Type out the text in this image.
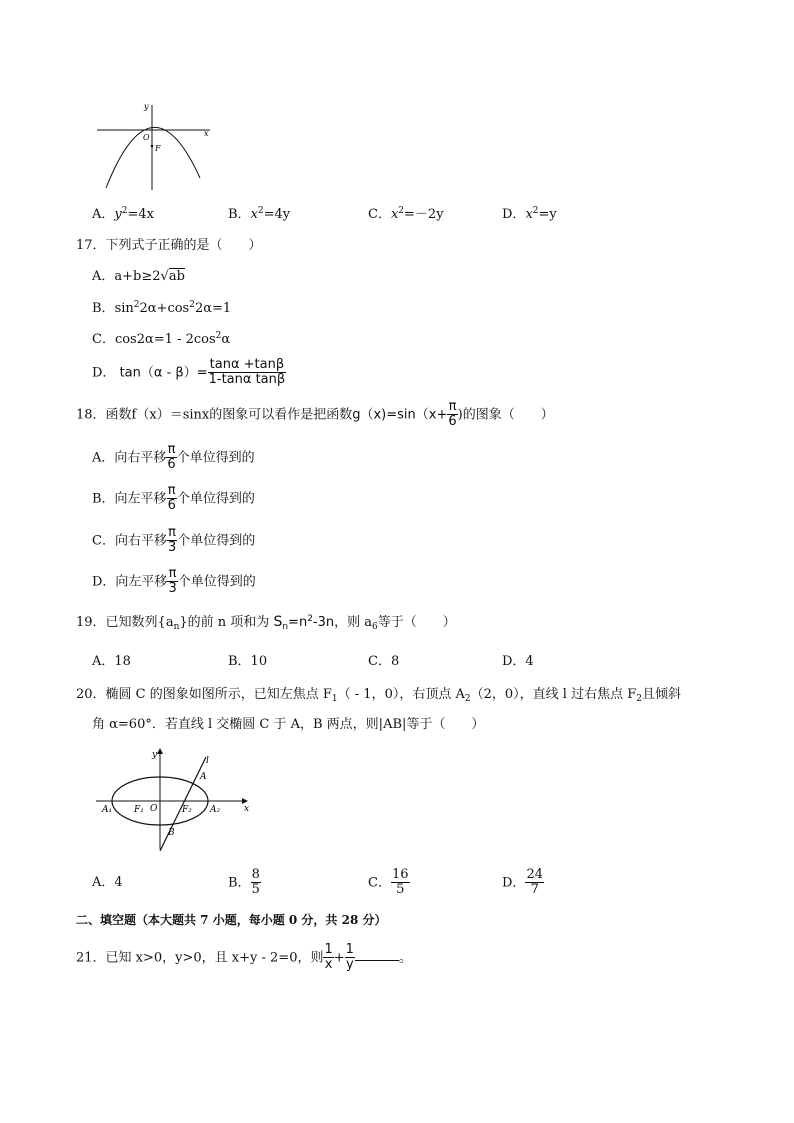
y
x
O
F
A．$y^2=4x$	B．$x^2=4y$	C．$x^2=-2y$	D．$x^2=y$
17．下列式子正确的是（　　）
A．a+b≥2√ab
B．$\sin^22\alpha+\cos^22\alpha=1$
C．$\cos 2\alpha=1 - 2\cos^2\alpha$
D． $\tan(\alpha - \beta)= \frac{\tan\alpha +\tan\beta}{\text{1-tanα tanβ}}$
18．函数f（x）＝sinx的图象可以看作是把函数$g(x)=\sin(x+ \frac{\pi}{6}$ )的图象（　　）
A．向右平移 $\frac{\pi}{6}$ 个单位得到的
B．向左平移 $\frac{\pi}{6}$ 个单位得到的
C．向右平移 $\frac{\pi}{3}$ 个单位得到的
D．向左平移 $\frac{\pi}{3}$ 个单位得到的
19．已知数列$\{a_n\}$的前 n 项和为 $S_n=n^2-3n$，则 $a_6$等于（　　）
A．18	B．10	C．8	D．4
20．椭圆 C 的图象如图所示，已知左焦点 $F_1( - 1$，0），右顶点 $A_2(2$，0），直线 l 过右焦点 $F_2$且倾斜
角 α=60°．若直线 l 交椭圆 C 于 A，B 两点，则|AB|等于（　　）
y
l
A
B
x
O
F₁	F₂
A₁	A₂
A．4	B． $\frac{8}{5}$	C． $\frac{16}{5}$	D． $\frac{24}{7}$
二、填空题（本大题共 7 小题，每小题 0 分，共 28 分）
21．已知 x>0，y>0，且 x+y - 2=0，则 $\frac{1}{x} + \frac{1}{y}$	。
